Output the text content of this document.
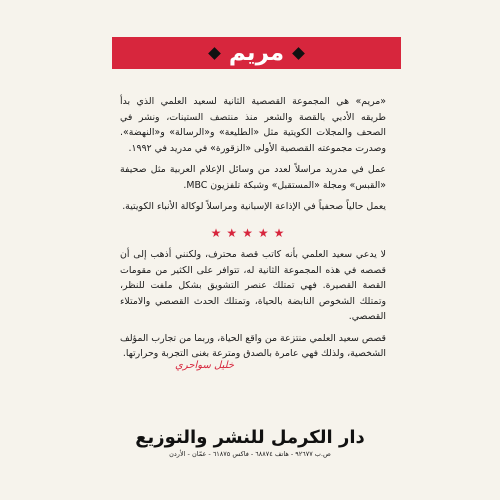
مريم

«مريم» هي المجموعة القصصية الثانية لسعيد العلمي الذي بدأ طريقه الأدبي بالقصة والشعر منذ منتصف الستينات، ونشر في الصحف والمجلات الكويتية مثل «الطليعة» و«الرسالة» و«النهضة». وصدرت مجموعته القصصية الأولى «الزقورة» في مدريد في ١٩٩٢.

عمل في مدريد مراسلاً لعدد من وسائل الإعلام العربية مثل صحيفة «القبس» ومجلة «المستقبل» وشبكة تلفزيون MBC.

يعمل حالياً صحفياً في الإذاعة الإسبانية ومراسلاً لوكالة الأنباء الكويتية.

★★★★★

لا يدعي سعيد العلمي بأنه كاتب قصة محترف، ولكنني أذهب إلى أن قصصه في هذه المجموعة الثانية له، تتوافر على الكثير من مقومات القصة القصيرة. فهي تمتلك عنصر التشويق بشكل ملفت للنظر، وتمتلك الشخوص النابضة بالحياة، وتمتلك الحدث القصصي والامتلاء القصصي.

قصص سعيد العلمي منتزعة من واقع الحياة، وربما من تجارب المؤلف الشخصية، ولذلك فهي عامرة بالصدق ومترعة بغنى التجربة وحرارتها.

خليل سواحري
دار الكرمل للنشر والتوزيع
ص.ب ٩٢٦٧٧ - هاتف ٦٨٨٧٤ - فاكس ٦١٨٧٥ - عمّان - الأردن
